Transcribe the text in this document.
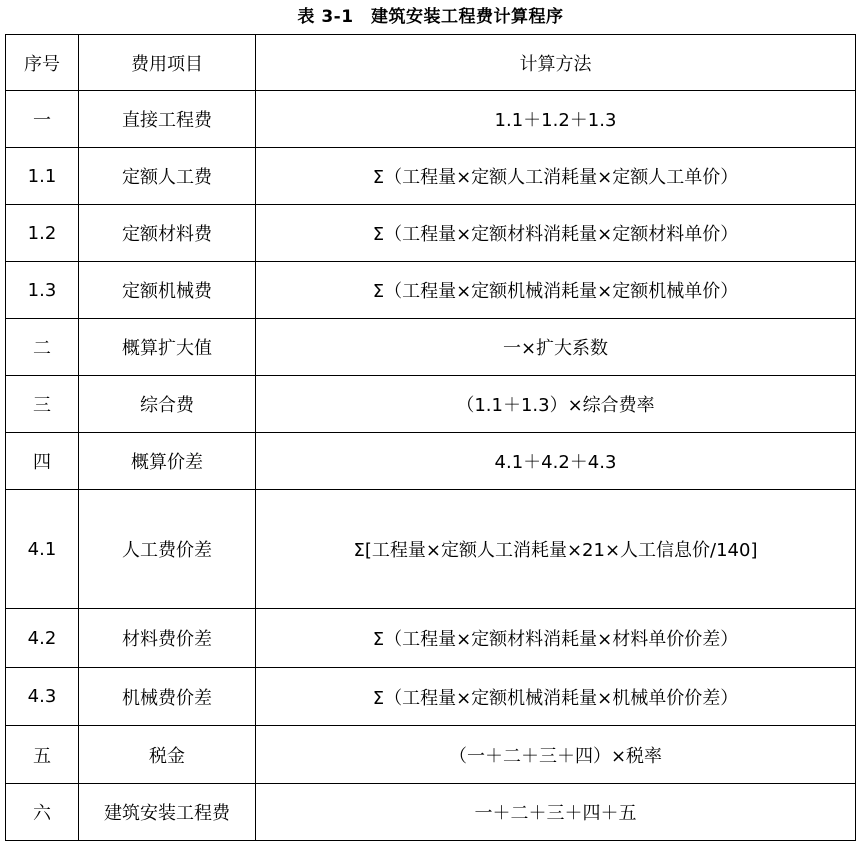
表 3-1　建筑安装工程费计算程序
序号	费用项目	计算方法
一	直接工程费	1.1＋1.2＋1.3
1.1	定额人工费	Σ（工程量×定额人工消耗量×定额人工单价）
1.2	定额材料费	Σ（工程量×定额材料消耗量×定额材料单价）
1.3	定额机械费	Σ（工程量×定额机械消耗量×定额机械单价）
二	概算扩大值	一×扩大系数
三	综合费	（1.1＋1.3）×综合费率
四	概算价差	4.1＋4.2＋4.3
4.1	人工费价差	Σ[工程量×定额人工消耗量×21×人工信息价/140]
4.2	材料费价差	Σ（工程量×定额材料消耗量×材料单价价差）
4.3	机械费价差	Σ（工程量×定额机械消耗量×机械单价价差）
五	税金	（一＋二＋三＋四）×税率
六	建筑安装工程费	一＋二＋三＋四＋五
